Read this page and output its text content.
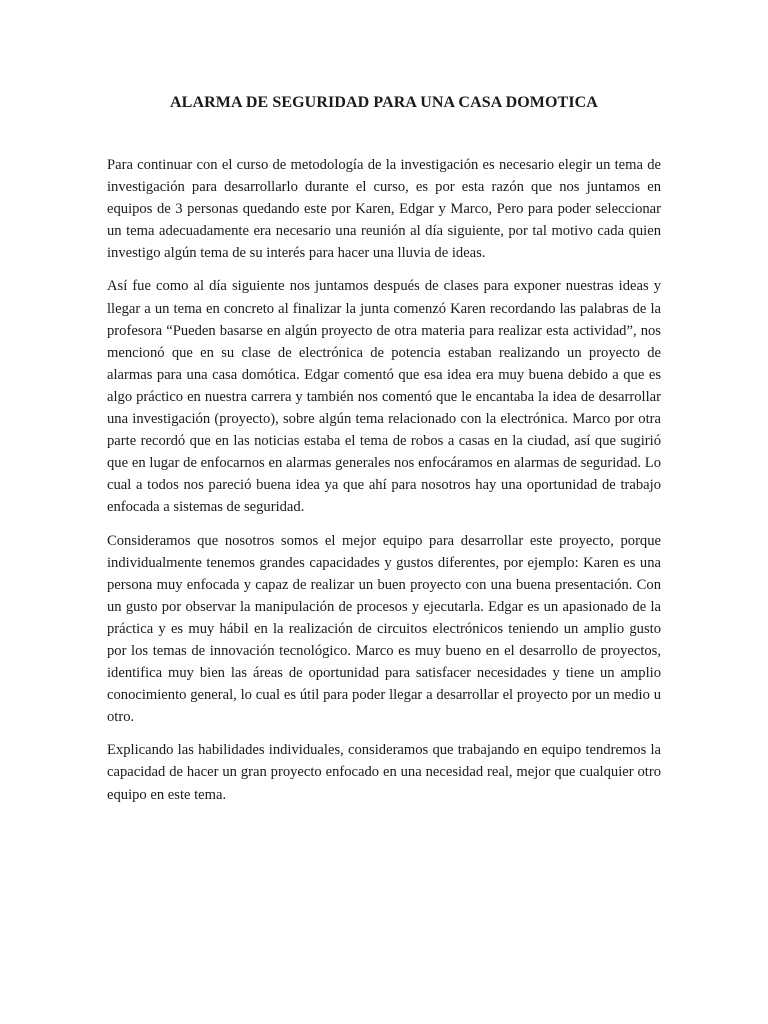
ALARMA DE SEGURIDAD PARA UNA CASA DOMOTICA

Para continuar con el curso de metodología de la investigación es necesario elegir un tema de investigación para desarrollarlo durante el curso, es por esta razón que nos juntamos en equipos de 3 personas quedando este por Karen, Edgar y Marco, Pero para poder seleccionar un tema adecuadamente era necesario una reunión al día siguiente, por tal motivo cada quien investigo algún tema de su interés para hacer una lluvia de ideas.

Así fue como al día siguiente nos juntamos después de clases para exponer nuestras ideas y llegar a un tema en concreto al finalizar la junta comenzó Karen recordando las palabras de la profesora “Pueden basarse en algún proyecto de otra materia para realizar esta actividad”, nos mencionó que en su clase de electrónica de potencia estaban realizando un proyecto de alarmas para una casa domótica. Edgar comentó que esa idea era muy buena debido a que es algo práctico en nuestra carrera y también nos comentó que le encantaba la idea de desarrollar una investigación (proyecto), sobre algún tema relacionado con la electrónica. Marco por otra parte recordó que en las noticias estaba el tema de robos a casas en la ciudad, así que sugirió que en lugar de enfocarnos en alarmas generales nos enfocáramos en alarmas de seguridad. Lo cual a todos nos pareció buena idea ya que ahí para nosotros hay una oportunidad de trabajo enfocada a sistemas de seguridad.

Consideramos que nosotros somos el mejor equipo para desarrollar este proyecto, porque individualmente tenemos grandes capacidades y gustos diferentes, por ejemplo: Karen es una persona muy enfocada y capaz de realizar un buen proyecto con una buena presentación. Con un gusto por observar la manipulación de procesos y ejecutarla. Edgar es un apasionado de la práctica y es muy hábil en la realización de circuitos electrónicos teniendo un amplio gusto por los temas de innovación tecnológico. Marco es muy bueno en el desarrollo de proyectos, identifica muy bien las áreas de oportunidad para satisfacer necesidades y tiene un amplio conocimiento general, lo cual es útil para poder llegar a desarrollar el proyecto por un medio u otro.

Explicando las habilidades individuales, consideramos que trabajando en equipo tendremos la capacidad de hacer un gran proyecto enfocado en una necesidad real, mejor que cualquier otro equipo en este tema.
